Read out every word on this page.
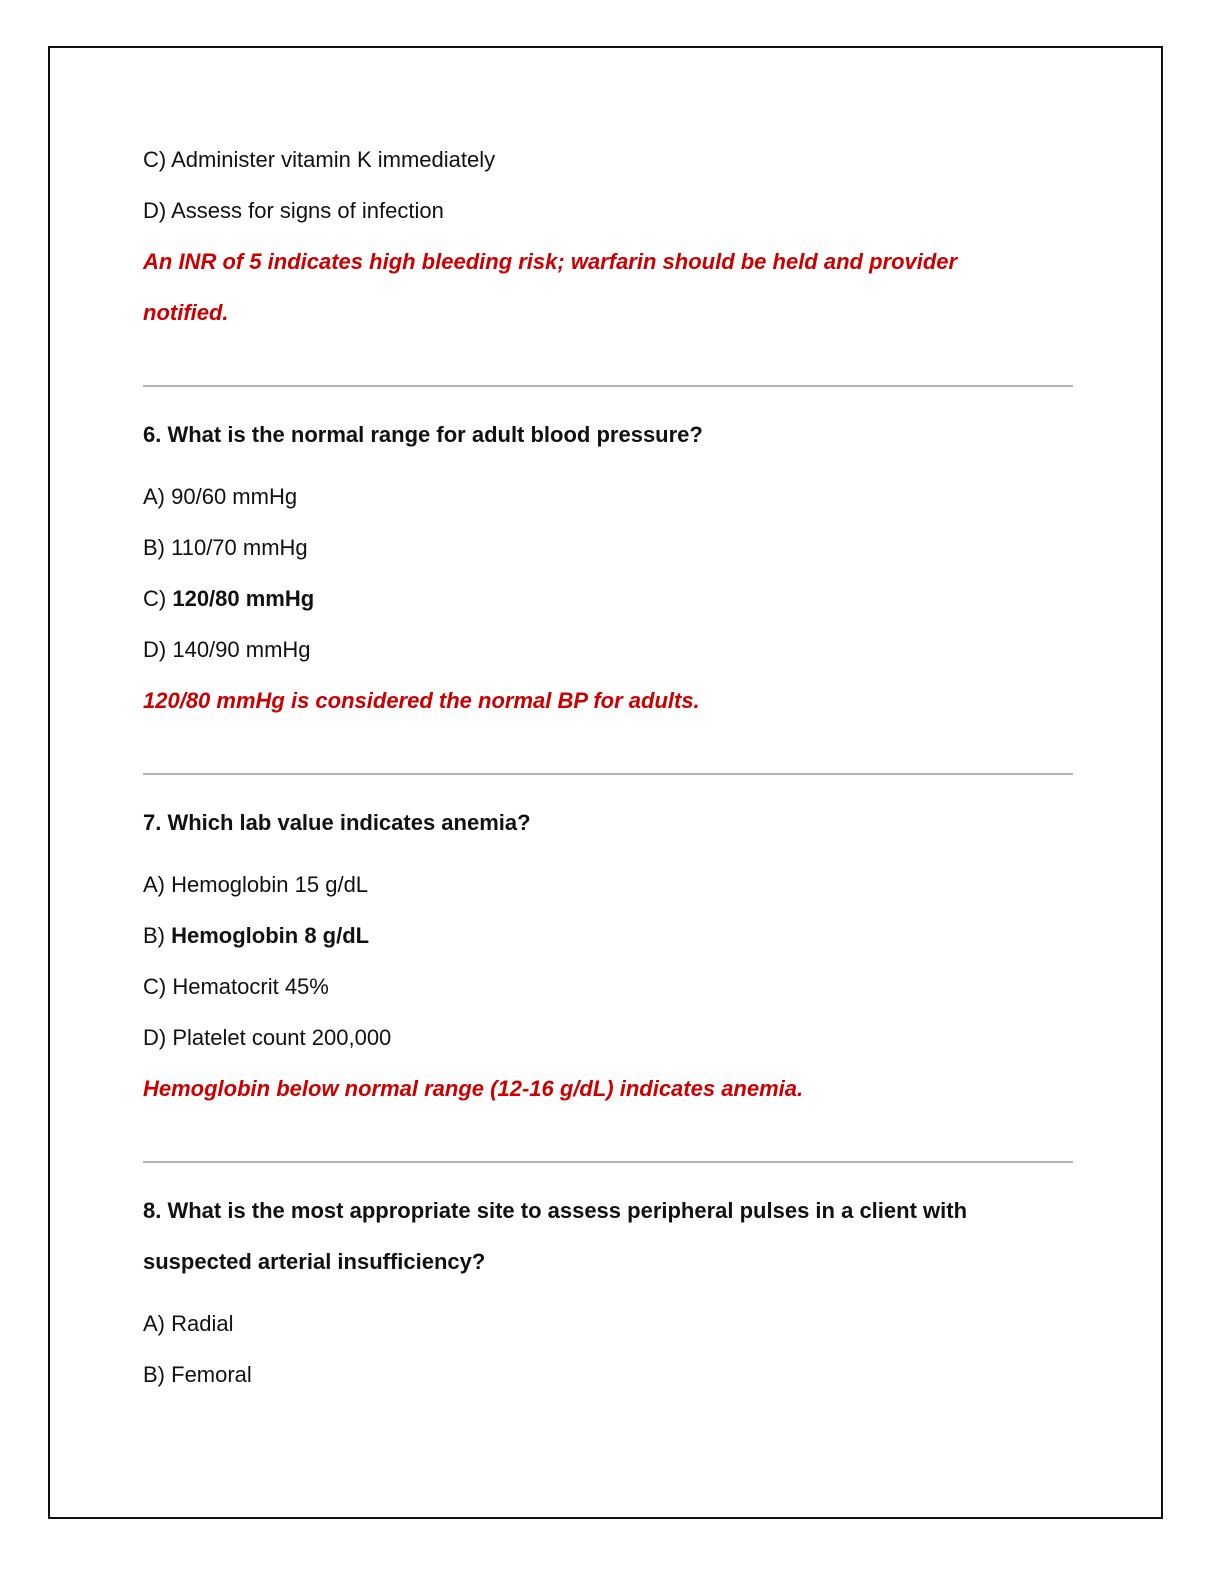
C) Administer vitamin K immediately
D) Assess for signs of infection
An INR of 5 indicates high bleeding risk; warfarin should be held and provider
notified.
6. What is the normal range for adult blood pressure?
A) 90/60 mmHg
B) 110/70 mmHg
C) 120/80 mmHg
D) 140/90 mmHg
120/80 mmHg is considered the normal BP for adults.
7. Which lab value indicates anemia?
A) Hemoglobin 15 g/dL
B) Hemoglobin 8 g/dL
C) Hematocrit 45%
D) Platelet count 200,000
Hemoglobin below normal range (12-16 g/dL) indicates anemia.
8. What is the most appropriate site to assess peripheral pulses in a client with
suspected arterial insufficiency?
A) Radial
B) Femoral
